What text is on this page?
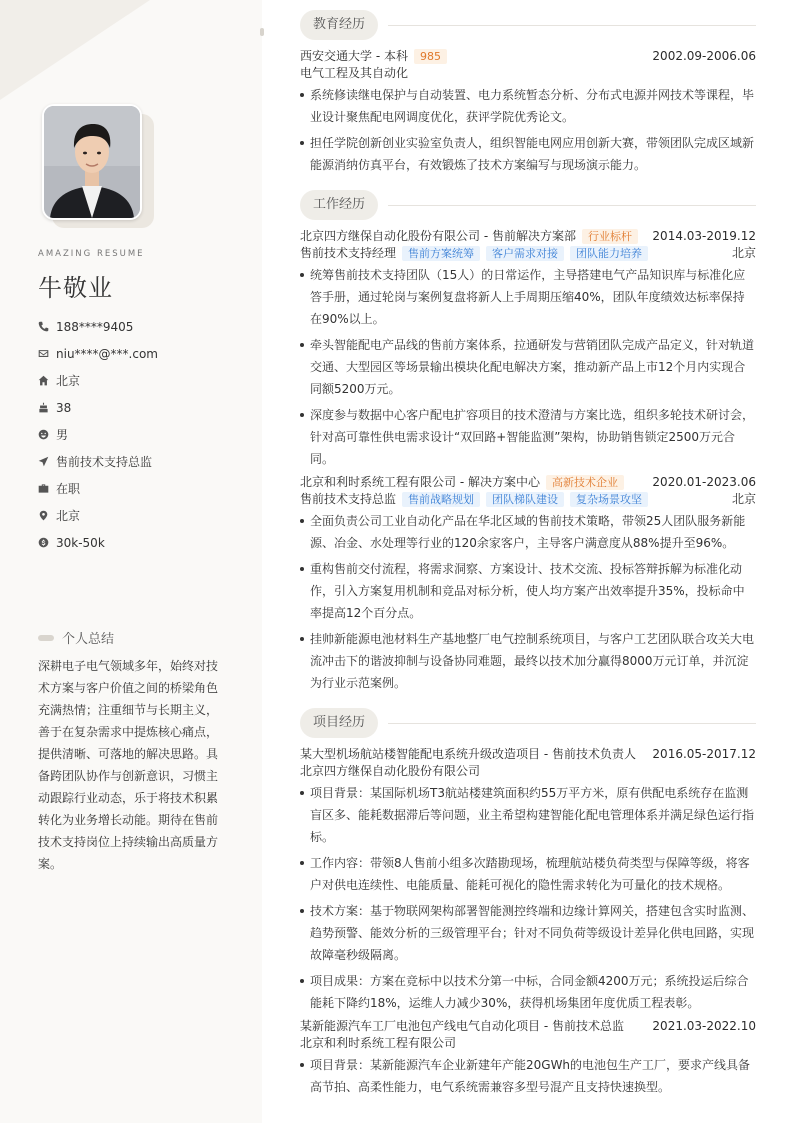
AMAZING RESUME
牛敬业
188****9405
niu****@***.com
北京
38
男
售前技术支持总监
在职
北京
30k-50k
个人总结
深耕电子电气领域多年，始终对技术方案与客户价值之间的桥梁角色充满热情；注重细节与长期主义，善于在复杂需求中提炼核心痛点，提供清晰、可落地的解决思路。具备跨团队协作与创新意识，习惯主动跟踪行业动态，乐于将技术积累转化为业务增长动能。期待在售前技术支持岗位上持续输出高质量方案。
教育经历
西安交通大学 - 本科	985	2002.09-2006.06
电气工程及其自动化
系统修读继电保护与自动装置、电力系统暂态分析、分布式电源并网技术等课程，毕业设计聚焦配电网调度优化，获评学院优秀论文。
担任学院创新创业实验室负责人，组织智能电网应用创新大赛，带领团队完成区域新能源消纳仿真平台，有效锻炼了技术方案编写与现场演示能力。
工作经历
北京四方继保自动化股份有限公司 - 售前解决方案部	行业标杆	2014.03-2019.12
售前技术支持经理	售前方案统筹	客户需求对接	团队能力培养	北京
统筹售前技术支持团队（15人）的日常运作，主导搭建电气产品知识库与标准化应答手册，通过轮岗与案例复盘将新人上手周期压缩40%，团队年度绩效达标率保持在90%以上。
牵头智能配电产品线的售前方案体系，拉通研发与营销团队完成产品定义，针对轨道交通、大型园区等场景输出模块化配电解决方案，推动新产品上市12个月内实现合同额5200万元。
深度参与数据中心客户配电扩容项目的技术澄清与方案比选，组织多轮技术研讨会，针对高可靠性供电需求设计“双回路+智能监测”架构，协助销售锁定2500万元合同。
北京和利时系统工程有限公司 - 解决方案中心	高新技术企业	2020.01-2023.06
售前技术支持总监	售前战略规划	团队梯队建设	复杂场景攻坚	北京
全面负责公司工业自动化产品在华北区域的售前技术策略，带领25人团队服务新能源、冶金、水处理等行业的120余家客户，主导客户满意度从88%提升至96%。
重构售前交付流程，将需求洞察、方案设计、技术交流、投标答辩拆解为标准化动作，引入方案复用机制和竞品对标分析，使人均方案产出效率提升35%，投标命中率提高12个百分点。
挂帅新能源电池材料生产基地整厂电气控制系统项目，与客户工艺团队联合攻关大电流冲击下的谐波抑制与设备协同难题，最终以技术加分赢得8000万元订单，并沉淀为行业示范案例。
项目经历
某大型机场航站楼智能配电系统升级改造项目 - 售前技术负责人 2016.05-2017.12
北京四方继保自动化股份有限公司
项目背景：某国际机场T3航站楼建筑面积约55万平方米，原有供配电系统存在监测盲区多、能耗数据滞后等问题，业主希望构建智能化配电管理体系并满足绿色运行指标。
工作内容：带领8人售前小组多次踏勘现场，梳理航站楼负荷类型与保障等级，将客户对供电连续性、电能质量、能耗可视化的隐性需求转化为可量化的技术规格。
技术方案：基于物联网架构部署智能测控终端和边缘计算网关，搭建包含实时监测、趋势预警、能效分析的三级管理平台；针对不同负荷等级设计差异化供电回路，实现故障毫秒级隔离。
项目成果：方案在竞标中以技术分第一中标，合同金额4200万元；系统投运后综合能耗下降约18%，运维人力减少30%，获得机场集团年度优质工程表彰。
某新能源汽车工厂电池包产线电气自动化项目 - 售前技术总监 2021.03-2022.10
北京和利时系统工程有限公司
项目背景：某新能源汽车企业新建年产能20GWh的电池包生产工厂，要求产线具备高节拍、高柔性能力，电气系统需兼容多型号混产且支持快速换型。
